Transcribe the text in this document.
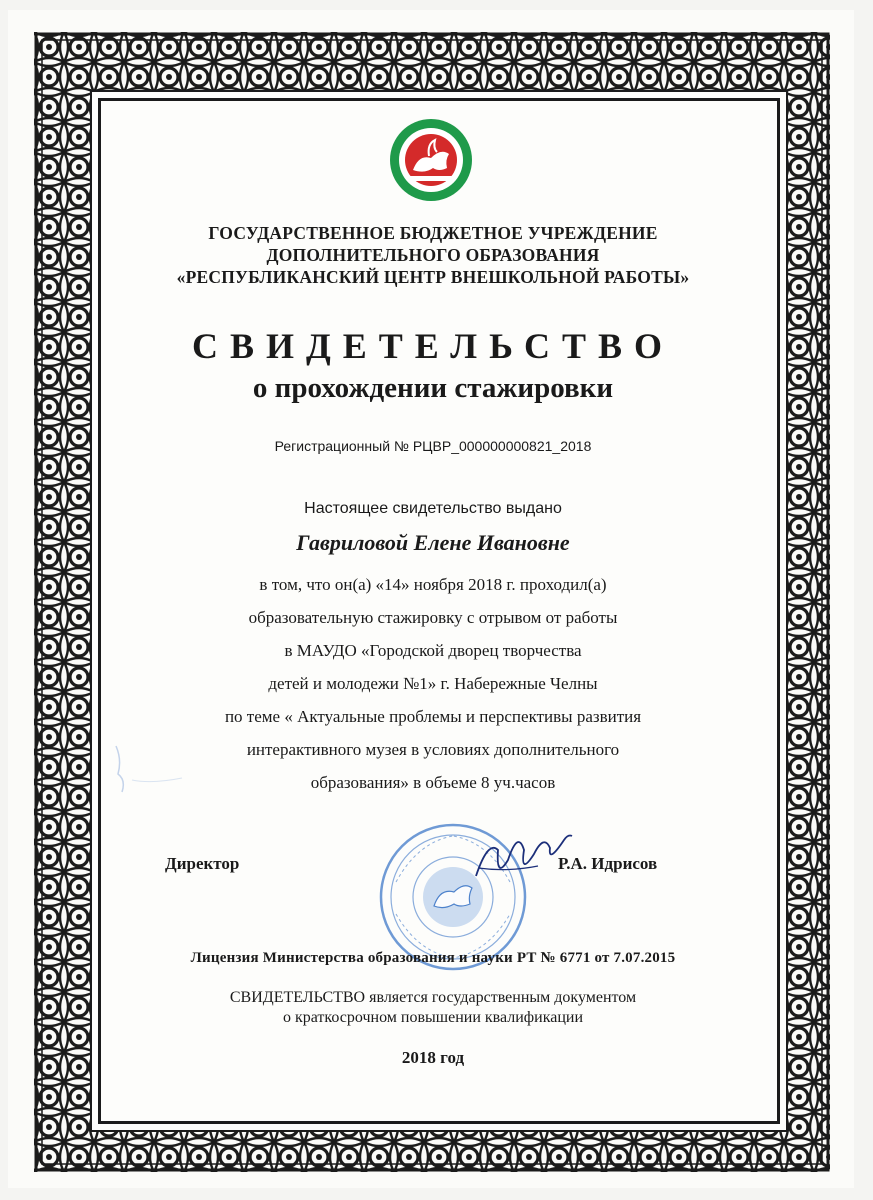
ГОСУДАРСТВЕННОЕ БЮДЖЕТНОЕ УЧРЕЖДЕНИЕ
ДОПОЛНИТЕЛЬНОГО ОБРАЗОВАНИЯ
«РЕСПУБЛИКАНСКИЙ ЦЕНТР ВНЕШКОЛЬНОЙ РАБОТЫ»
СВИДЕТЕЛЬСТВО
о прохождении стажировки
Регистрационный № РЦВР_000000000821_2018
Настоящее свидетельство выдано
Гавриловой Елене Ивановне
в том, что он(а) «14» ноября 2018 г. проходил(а)
образовательную стажировку с отрывом от работы
в МАУДО «Городской дворец творчества
детей и молодежи №1» г. Набережные Челны
по теме « Актуальные проблемы и перспективы развития
интерактивного музея в условиях дополнительного
образования» в объеме 8 уч.часов
Директор	Р.А. Идрисов
Лицензия Министерства образования и науки РТ № 6771 от 7.07.2015
СВИДЕТЕЛЬСТВО является государственным документом
о краткосрочном повышении квалификации
2018 год
